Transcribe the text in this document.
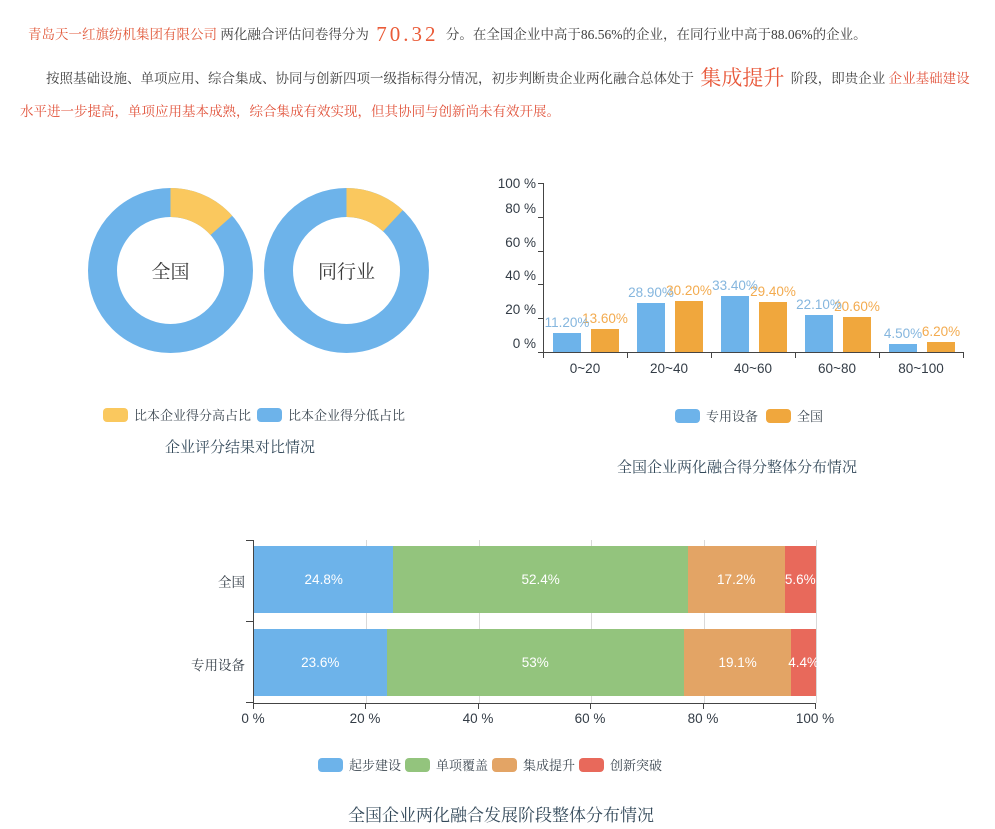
青岛天一红旗纺机集团有限公司 两化融合评估问卷得分为 70.32 分。在全国企业中高于86.56%的企业，在同行业中高于88.06%的企业。
按照基础设施、单项应用、综合集成、协同与创新四项一级指标得分情况，初步判断贵企业两化融合总体处于 集成提升 阶段，即贵企业 企业基础建设
水平进一步提高，单项应用基本成熟，综合集成有效实现，但其协同与创新尚未有效开展。
全国	同行业
比本企业得分高占比	比本企业得分低占比
企业评分结果对比情况
11.20%
13.60%
28.90%
30.20% 33.40%
29.40%
22.10%
20.60%
4.50% 6.20%
0 %
20 %
40 %
60 %
80 %
100 %
0~20	20~40	40~60	60~80	80~100
专用设备	全国
全国企业两化融合得分整体分布情况
24.8%	52.4%	17.2% 5.6%
23.6%	53%	19.1% 4.4%
全国
专用设备
0 %	20 %	40 %	60 %	80 %	100 %
起步建设	单项覆盖	集成提升	创新突破
全国企业两化融合发展阶段整体分布情况
